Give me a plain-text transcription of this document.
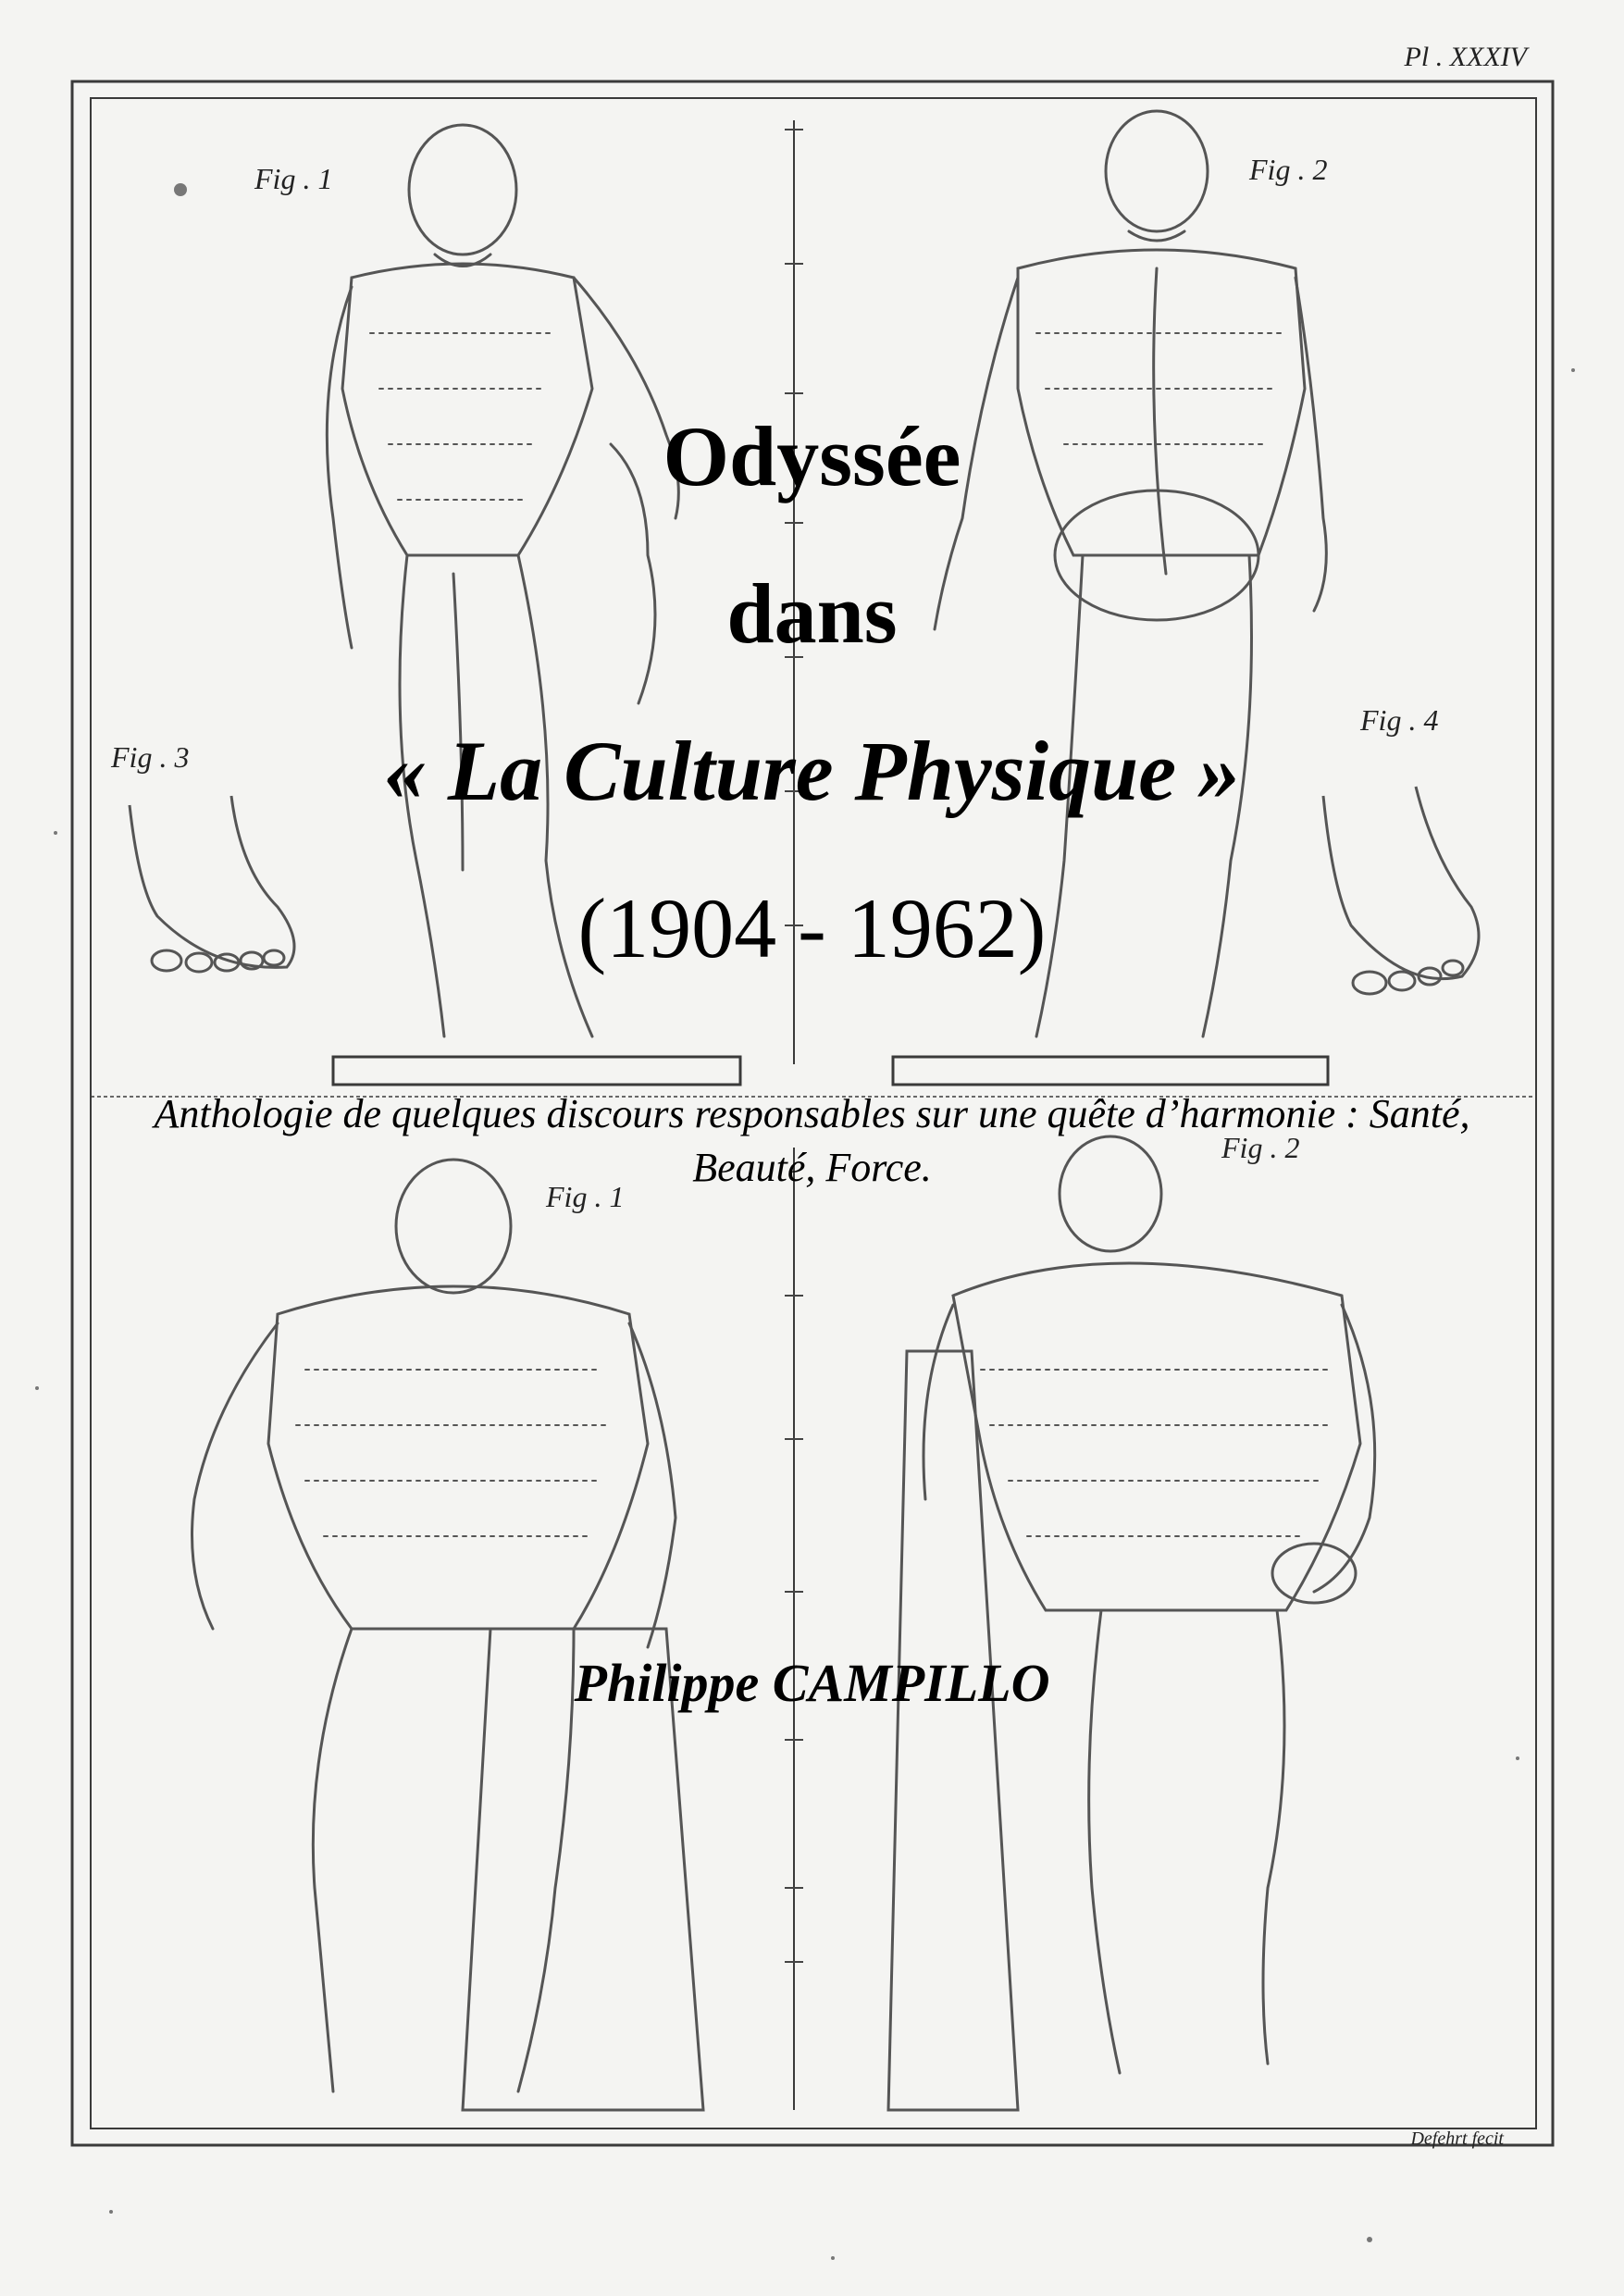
Pl . XXXIV
Fig . 1	Fig . 2
Fig . 3
Fig . 4
Fig . 1
Fig . 2
Defehrt fecit
Odyssée
dans
« La Culture Physique »
(1904 - 1962)
Anthologie de quelques discours responsables sur une quête d’harmonie : Santé, Beauté, Force.
Philippe CAMPILLO
